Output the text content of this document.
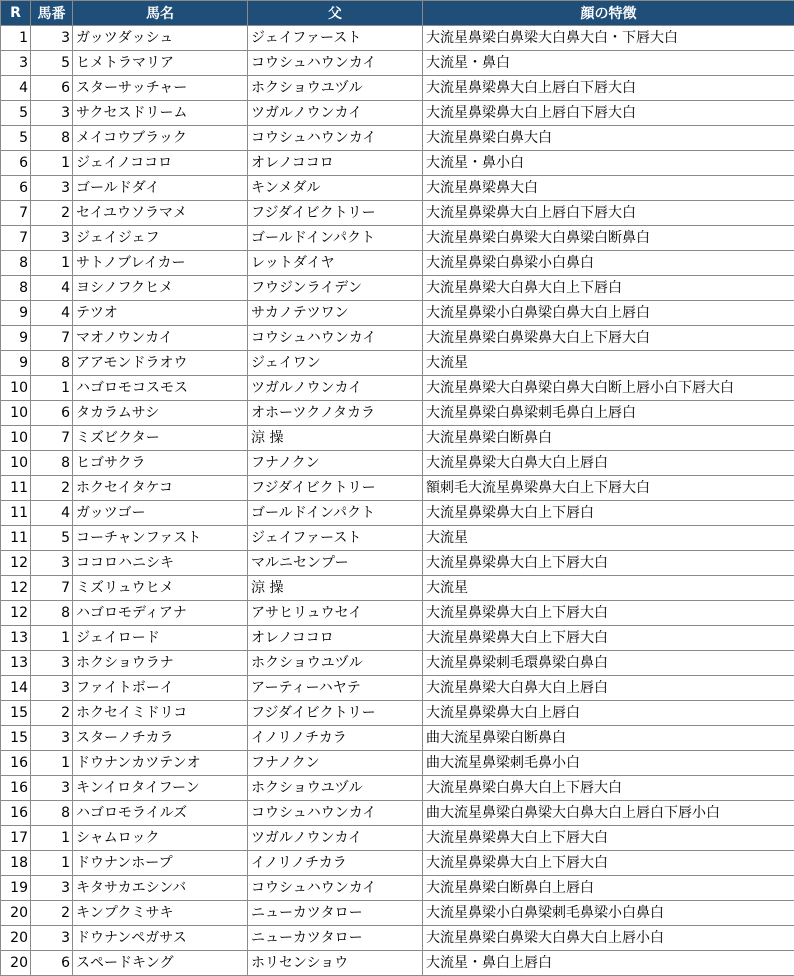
R	馬番	馬名	父	顔の特徴
1	3	ガッツダッシュ	ジェイファースト	大流星鼻梁白鼻梁大白鼻大白・下唇大白
3	5	ヒメトラマリア	コウシュハウンカイ	大流星・鼻白
4	6	スターサッチャー	ホクショウユヅル	大流星鼻梁鼻大白上唇白下唇大白
5	3	サクセスドリーム	ツガルノウンカイ	大流星鼻梁鼻大白上唇白下唇大白
5	8	メイコウブラック	コウシュハウンカイ	大流星鼻梁白鼻大白
6	1	ジェイノココロ	オレノココロ	大流星・鼻小白
6	3	ゴールドダイ	キンメダル	大流星鼻梁鼻大白
7	2	セイユウソラマメ	フジダイビクトリー	大流星鼻梁鼻大白上唇白下唇大白
7	3	ジェイジェフ	ゴールドインパクト	大流星鼻梁白鼻梁大白鼻梁白断鼻白
8	1	サトノブレイカー	レットダイヤ	大流星鼻梁白鼻梁小白鼻白
8	4	ヨシノフクヒメ	フウジンライデン	大流星鼻梁大白鼻大白上下唇白
9	4	テツオ	サカノテツワン	大流星鼻梁小白鼻梁白鼻大白上唇白
9	7	マオノウンカイ	コウシュハウンカイ	大流星鼻梁白鼻梁鼻大白上下唇大白
9	8	アアモンドラオウ	ジェイワン	大流星
10	1	ハゴロモコスモス	ツガルノウンカイ	大流星鼻梁大白鼻梁白鼻大白断上唇小白下唇大白
10	6	タカラムサシ	オホーツクノタカラ	大流星鼻梁白鼻梁刺毛鼻白上唇白
10	7	ミズビクター	涼 操	大流星鼻梁白断鼻白
10	8	ヒゴサクラ	フナノクン	大流星鼻梁大白鼻大白上唇白
11	2	ホクセイタケコ	フジダイビクトリー	額刺毛大流星鼻梁鼻大白上下唇大白
11	4	ガッツゴー	ゴールドインパクト	大流星鼻梁鼻大白上下唇白
11	5	コーチャンファスト	ジェイファースト	大流星
12	3	ココロハニシキ	マルニセンプー	大流星鼻梁鼻大白上下唇大白
12	7	ミズリュウヒメ	涼 操	大流星
12	8	ハゴロモディアナ	アサヒリュウセイ	大流星鼻梁鼻大白上下唇大白
13	1	ジェイロード	オレノココロ	大流星鼻梁鼻大白上下唇大白
13	3	ホクショウラナ	ホクショウユヅル	大流星鼻梁刺毛環鼻梁白鼻白
14	3	ファイトボーイ	アーティーハヤテ	大流星鼻梁大白鼻大白上唇白
15	2	ホクセイミドリコ	フジダイビクトリー	大流星鼻梁鼻大白上唇白
15	3	スターノチカラ	イノリノチカラ	曲大流星鼻梁白断鼻白
16	1	ドウナンカツテンオ	フナノクン	曲大流星鼻梁刺毛鼻小白
16	3	キンイロタイフーン	ホクショウユヅル	大流星鼻梁白鼻大白上下唇大白
16	8	ハゴロモライルズ	コウシュハウンカイ	曲大流星鼻梁白鼻梁大白鼻大白上唇白下唇小白
17	1	シャムロック	ツガルノウンカイ	大流星鼻梁鼻大白上下唇大白
18	1	ドウナンホープ	イノリノチカラ	大流星鼻梁鼻大白上下唇大白
19	3	キタサカエシンバ	コウシュハウンカイ	大流星鼻梁白断鼻白上唇白
20	2	キンプクミサキ	ニューカツタロー	大流星鼻梁小白鼻梁刺毛鼻梁小白鼻白
20	3	ドウナンペガサス	ニューカツタロー	大流星鼻梁白鼻梁大白鼻大白上唇小白
20	6	スペードキング	ホリセンショウ	大流星・鼻白上唇白
